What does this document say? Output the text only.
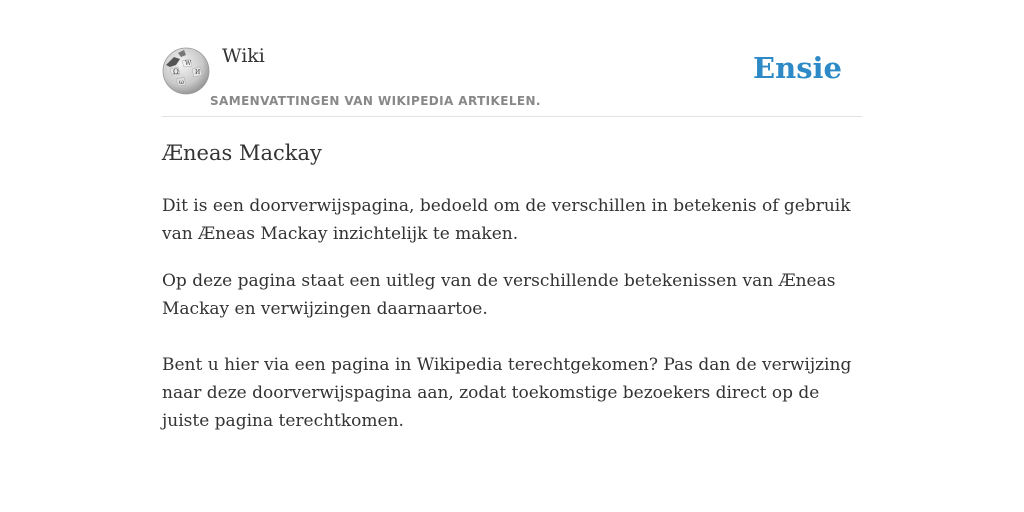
Ω
W
И
ω
Wiki
SAMENVATTINGEN VAN WIKIPEDIA ARTIKELEN.
Ensie
Æneas Mackay

Dit is een doorverwijspagina, bedoeld om de verschillen in betekenis of gebruik van Æneas Mackay inzichtelijk te maken.

Op deze pagina staat een uitleg van de verschillende betekenissen van Æneas Mackay en verwijzingen daarnaartoe.

Bent u hier via een pagina in Wikipedia terechtgekomen? Pas dan de verwijzing naar deze doorverwijspagina aan, zodat toekomstige bezoekers direct op de juiste pagina terechtkomen.
